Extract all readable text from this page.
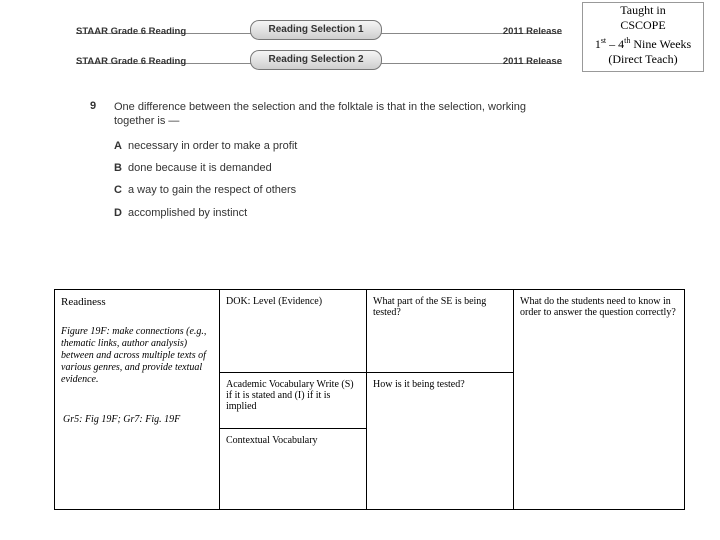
STAAR Grade 6 Reading	Reading Selection 1	2011 Release
STAAR Grade 6 Reading	Reading Selection 2	2011 Release
Taught in
CSCOPE
1st – 4th Nine Weeks
(Direct Teach)
9 One difference between the selection and the folktale is that in the selection, working together is —
A necessary in order to make a profit
B done because it is demanded
C a way to gain the respect of others
D accomplished by instinct
Readiness
Figure 19F: make connections (e.g., thematic links, author analysis) between and across multiple texts of various genres, and provide textual evidence.
Gr5: Fig 19F; Gr7: Fig. 19F	DOK: Level (Evidence)	What part of the SE is being tested?	What do the students need to know in order to answer the question correctly?

	Academic Vocabulary Write (S) if it is stated and (I) if it is implied	How is it being tested?	

	Contextual Vocabulary		
